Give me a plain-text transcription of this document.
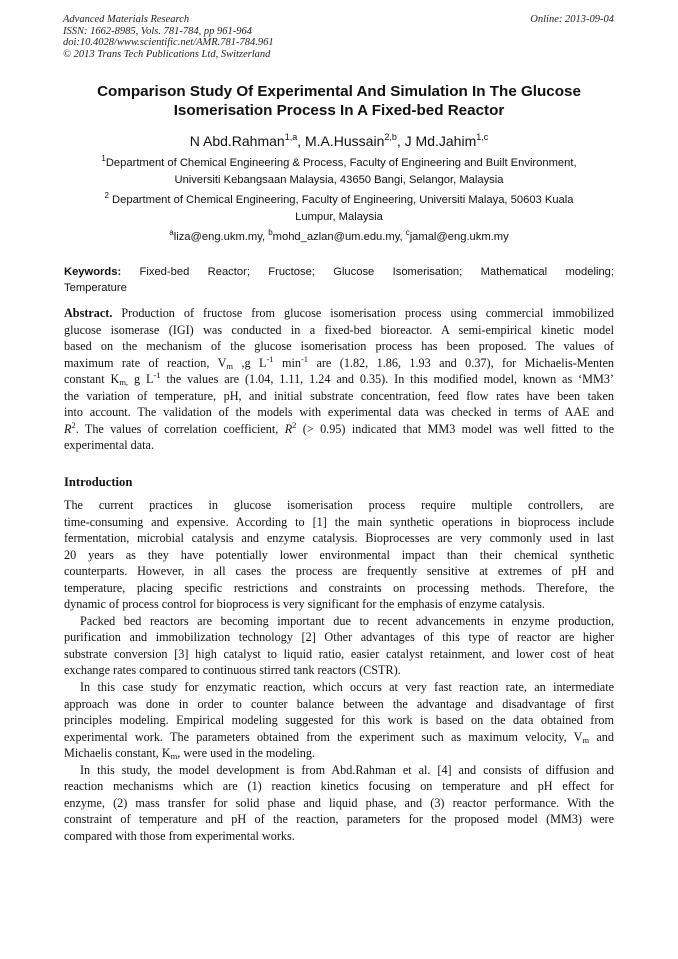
Advanced Materials Research
ISSN: 1662-8985, Vols. 781-784, pp 961-964
doi:10.4028/www.scientific.net/AMR.781-784.961
© 2013 Trans Tech Publications Ltd, Switzerland
Online: 2013-09-04
Comparison Study Of Experimental And Simulation In The Glucose
Isomerisation Process In A Fixed-bed Reactor
N Abd.Rahman$^{1,a}$, M.A.Hussain$^{2,b}$, J Md.Jahim$^{1,c}$
$^1$Department of Chemical Engineering & Process, Faculty of Engineering and Built Environment,
Universiti Kebangsaan Malaysia, 43650 Bangi, Selangor, Malaysia
$^2$ Department of Chemical Engineering, Faculty of Engineering, Universiti Malaya, 50603 Kuala
Lumpur, Malaysia
$^a$liza@eng.ukm.my, $^b$mohd_azlan@um.edu.my, $^c$jamal@eng.ukm.my
Keywords: Fixed-bed Reactor; Fructose; Glucose Isomerisation; Mathematical modeling;
Temperature
Abstract. Production of fructose from glucose isomerisation process using commercial immobilized
glucose isomerase (IGI) was conducted in a fixed-bed bioreactor. A semi-empirical kinetic model
based on the mechanism of the glucose isomerisation process has been proposed. The values of
maximum rate of reaction, $V_m$ ,g $L^{-1}$ $\min^{-1}$ are (1.82, 1.86, 1.93 and 0.37), for Michaelis-Menten
constant $K_{m,}$ g $L^{-1}$ the values are (1.04, 1.11, 1.24 and 0.35). In this modified model, known as ‘MM3’
the variation of temperature, pH, and initial substrate concentration, feed flow rates have been taken
into account. The validation of the models with experimental data was checked in terms of AAE and
$R^2$. The values of correlation coefficient, $R^2$ (> 0.95) indicated that MM3 model was well fitted to the
experimental data.
Introduction
The current practices in glucose isomerisation process require multiple controllers, are
time-consuming and expensive. According to [1] the main synthetic operations in bioprocess include
fermentation, microbial catalysis and enzyme catalysis. Bioprocesses are very commonly used in last
20 years as they have potentially lower environmental impact than their chemical synthetic
counterparts. However, in all cases the process are frequently sensitive at extremes of pH and
temperature, placing specific restrictions and constraints on processing methods. Therefore, the
dynamic of process control for bioprocess is very significant for the emphasis of enzyme catalysis.
Packed bed reactors are becoming important due to recent advancements in enzyme production,
purification and immobilization technology [2] Other advantages of this type of reactor are higher
substrate conversion [3] high catalyst to liquid ratio, easier catalyst retainment, and lower cost of heat
exchange rates compared to continuous stirred tank reactors (CSTR).
In this case study for enzymatic reaction, which occurs at very fast reaction rate, an intermediate
approach was done in order to counter balance between the advantage and disadvantage of first
principles modeling. Empirical modeling suggested for this work is based on the data obtained from
experimental work. The parameters obtained from the experiment such as maximum velocity, $V_m$ and
Michaelis constant, $K_m$, were used in the modeling.
In this study, the model development is from Abd.Rahman et al. [4] and consists of diffusion and
reaction mechanisms which are (1) reaction kinetics focusing on temperature and pH effect for
enzyme, (2) mass transfer for solid phase and liquid phase, and (3) reactor performance. With the
constraint of temperature and pH of the reaction, parameters for the proposed model (MM3) were
compared with those from experimental works.
